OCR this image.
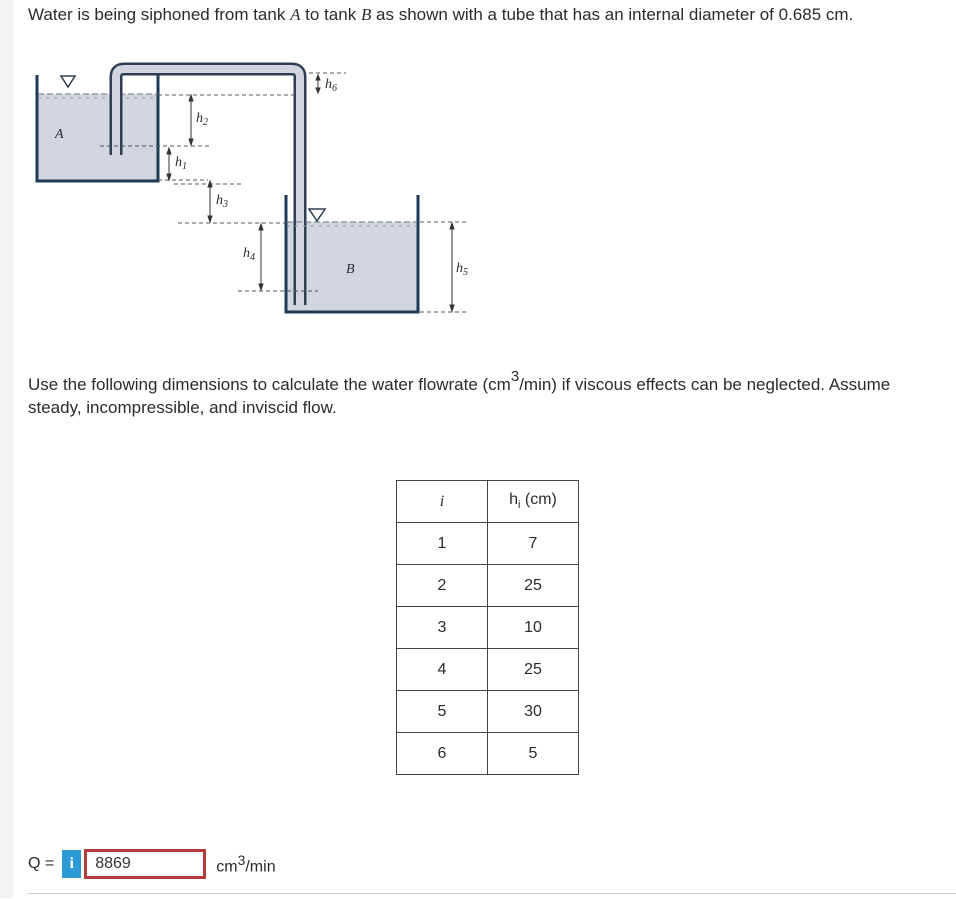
Water is being siphoned from tank A to tank B as shown with a tube that has an internal diameter of 0.685 cm.
A
B
$h_6$
$h_2$
$h_1$
$h_3$
$h_4$
$h_5$
Use the following dimensions to calculate the water flowrate $(cm^3/\min)$ if viscous effects can be neglected. Assume steady, incompressible, and inviscid flow.
i	$h_i$ (cm)
1	7
2	25
3	10
4	25
5	30
6	5
Q = i
8869	$cm^3/\min$
